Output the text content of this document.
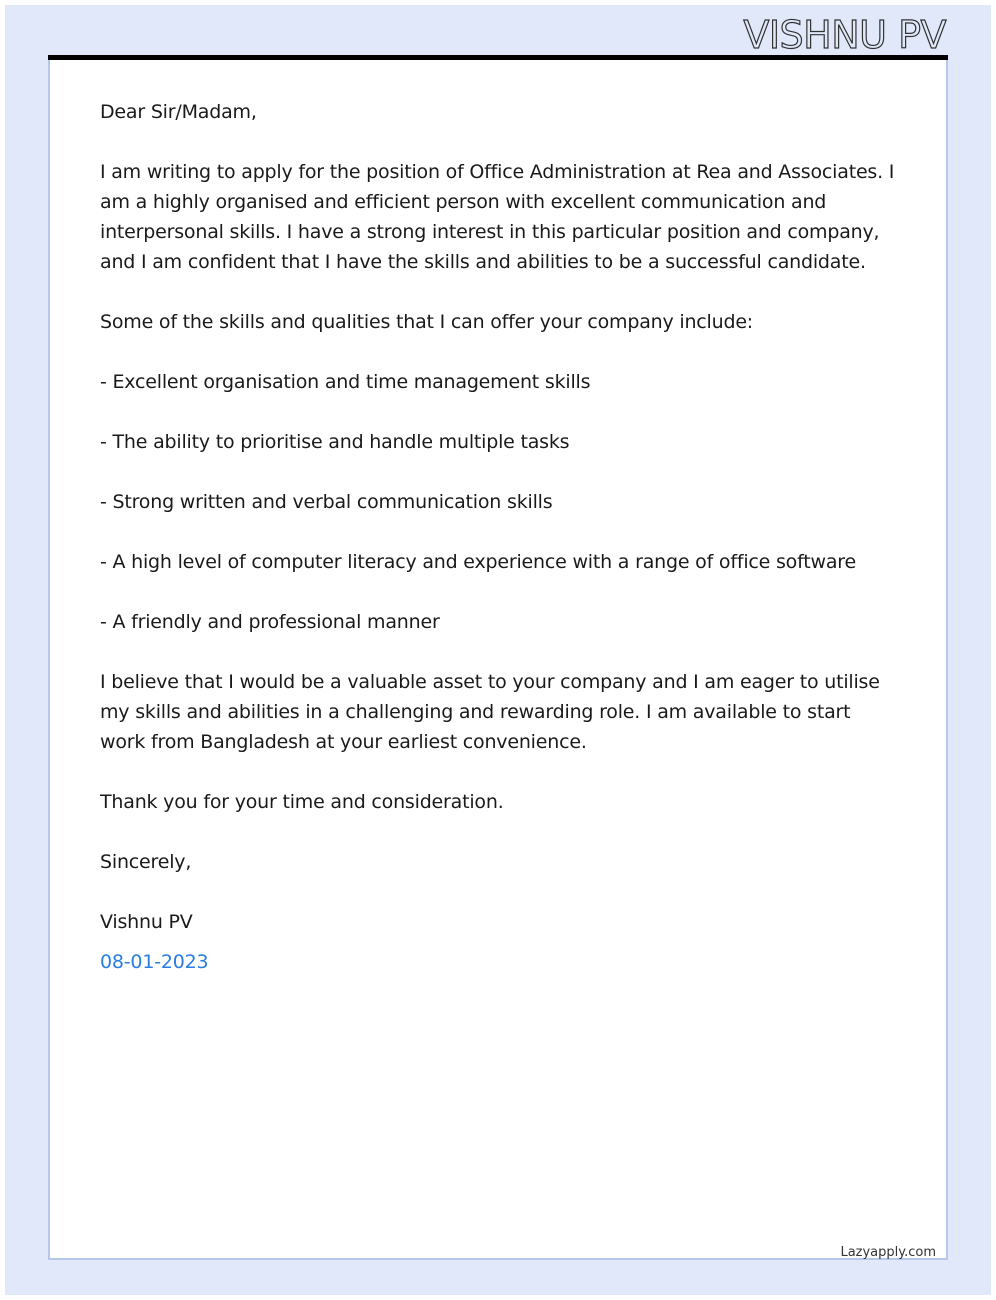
VISHNU PV

Dear Sir/Madam,

I am writing to apply for the position of Office Administration at Rea and Associates. I am a highly organised and efficient person with excellent communication and interpersonal skills. I have a strong interest in this particular position and company, and I am confident that I have the skills and abilities to be a successful candidate.

Some of the skills and qualities that I can offer your company include:

- Excellent organisation and time management skills

- The ability to prioritise and handle multiple tasks

- Strong written and verbal communication skills

- A high level of computer literacy and experience with a range of office software

- A friendly and professional manner

I believe that I would be a valuable asset to your company and I am eager to utilise my skills and abilities in a challenging and rewarding role. I am available to start work from Bangladesh at your earliest convenience.

Thank you for your time and consideration.

Sincerely,

Vishnu PV

08-01-2023

Lazyapply.com
